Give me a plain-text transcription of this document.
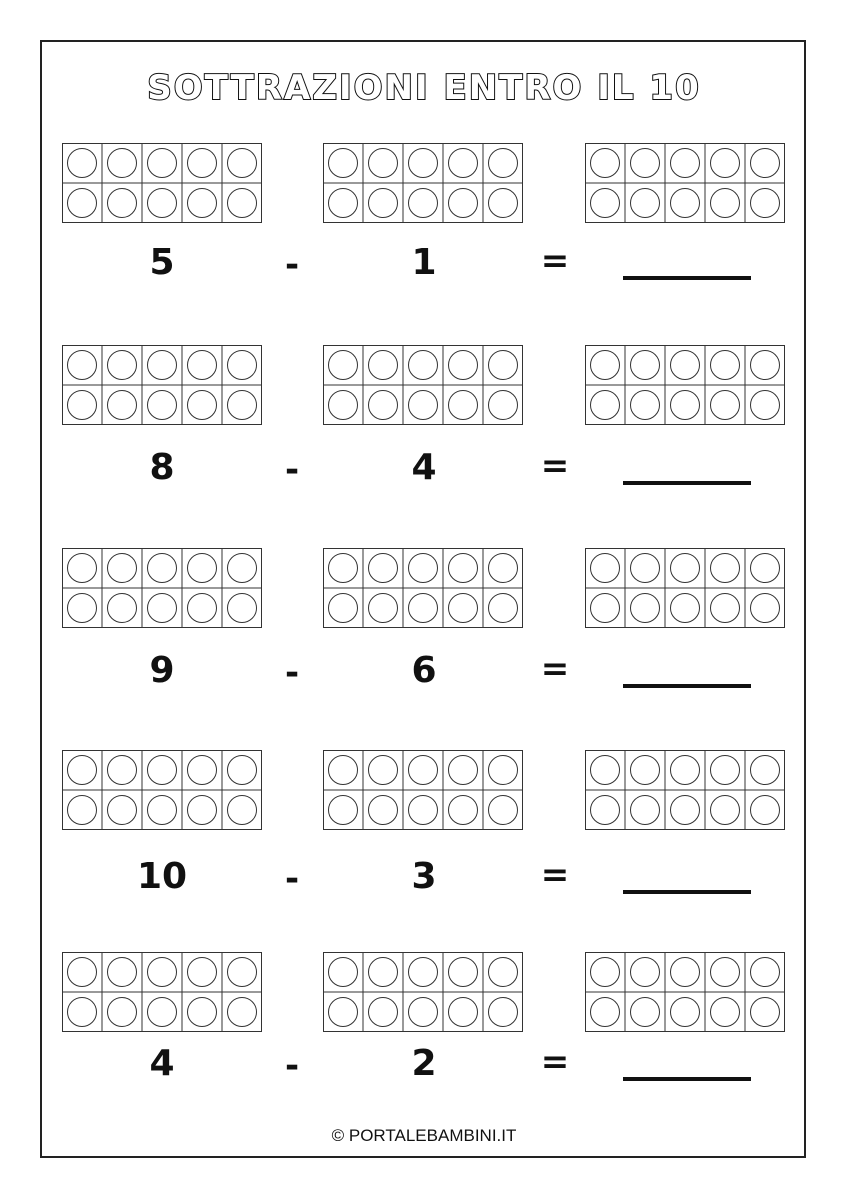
SOTTRAZIONI ENTRO IL 10
5	-	1	=
8	-	4	=
9	-	6	=
10	-	3	=
4	-	2	=
© PORTALEBAMBINI.IT
